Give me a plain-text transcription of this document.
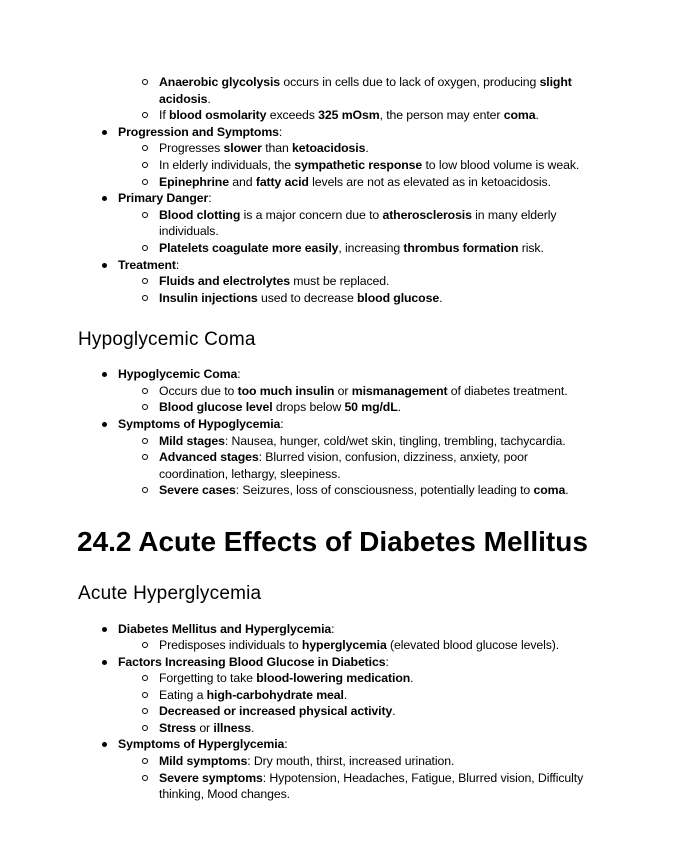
Anaerobic glycolysis occurs in cells due to lack of oxygen, producing slight
acidosis.
If blood osmolarity exceeds 325 mOsm, the person may enter coma.
Progression and Symptoms:
Progresses slower than ketoacidosis.
In elderly individuals, the sympathetic response to low blood volume is weak.
Epinephrine and fatty acid levels are not as elevated as in ketoacidosis.
Primary Danger:
Blood clotting is a major concern due to atherosclerosis in many elderly
individuals.
Platelets coagulate more easily, increasing thrombus formation risk.
Treatment:
Fluids and electrolytes must be replaced.
Insulin injections used to decrease blood glucose.
Hypoglycemic Coma
Hypoglycemic Coma:
Occurs due to too much insulin or mismanagement of diabetes treatment.
Blood glucose level drops below 50 mg/dL.
Symptoms of Hypoglycemia:
Mild stages: Nausea, hunger, cold/wet skin, tingling, trembling, tachycardia.
Advanced stages: Blurred vision, confusion, dizziness, anxiety, poor
coordination, lethargy, sleepiness.
Severe cases: Seizures, loss of consciousness, potentially leading to coma.
24.2 Acute Effects of Diabetes Mellitus
Acute Hyperglycemia
Diabetes Mellitus and Hyperglycemia:
Predisposes individuals to hyperglycemia (elevated blood glucose levels).
Factors Increasing Blood Glucose in Diabetics:
Forgetting to take blood-lowering medication.
Eating a high-carbohydrate meal.
Decreased or increased physical activity.
Stress or illness.
Symptoms of Hyperglycemia:
Mild symptoms: Dry mouth, thirst, increased urination.
Severe symptoms: Hypotension, Headaches, Fatigue, Blurred vision, Difficulty
thinking, Mood changes.
